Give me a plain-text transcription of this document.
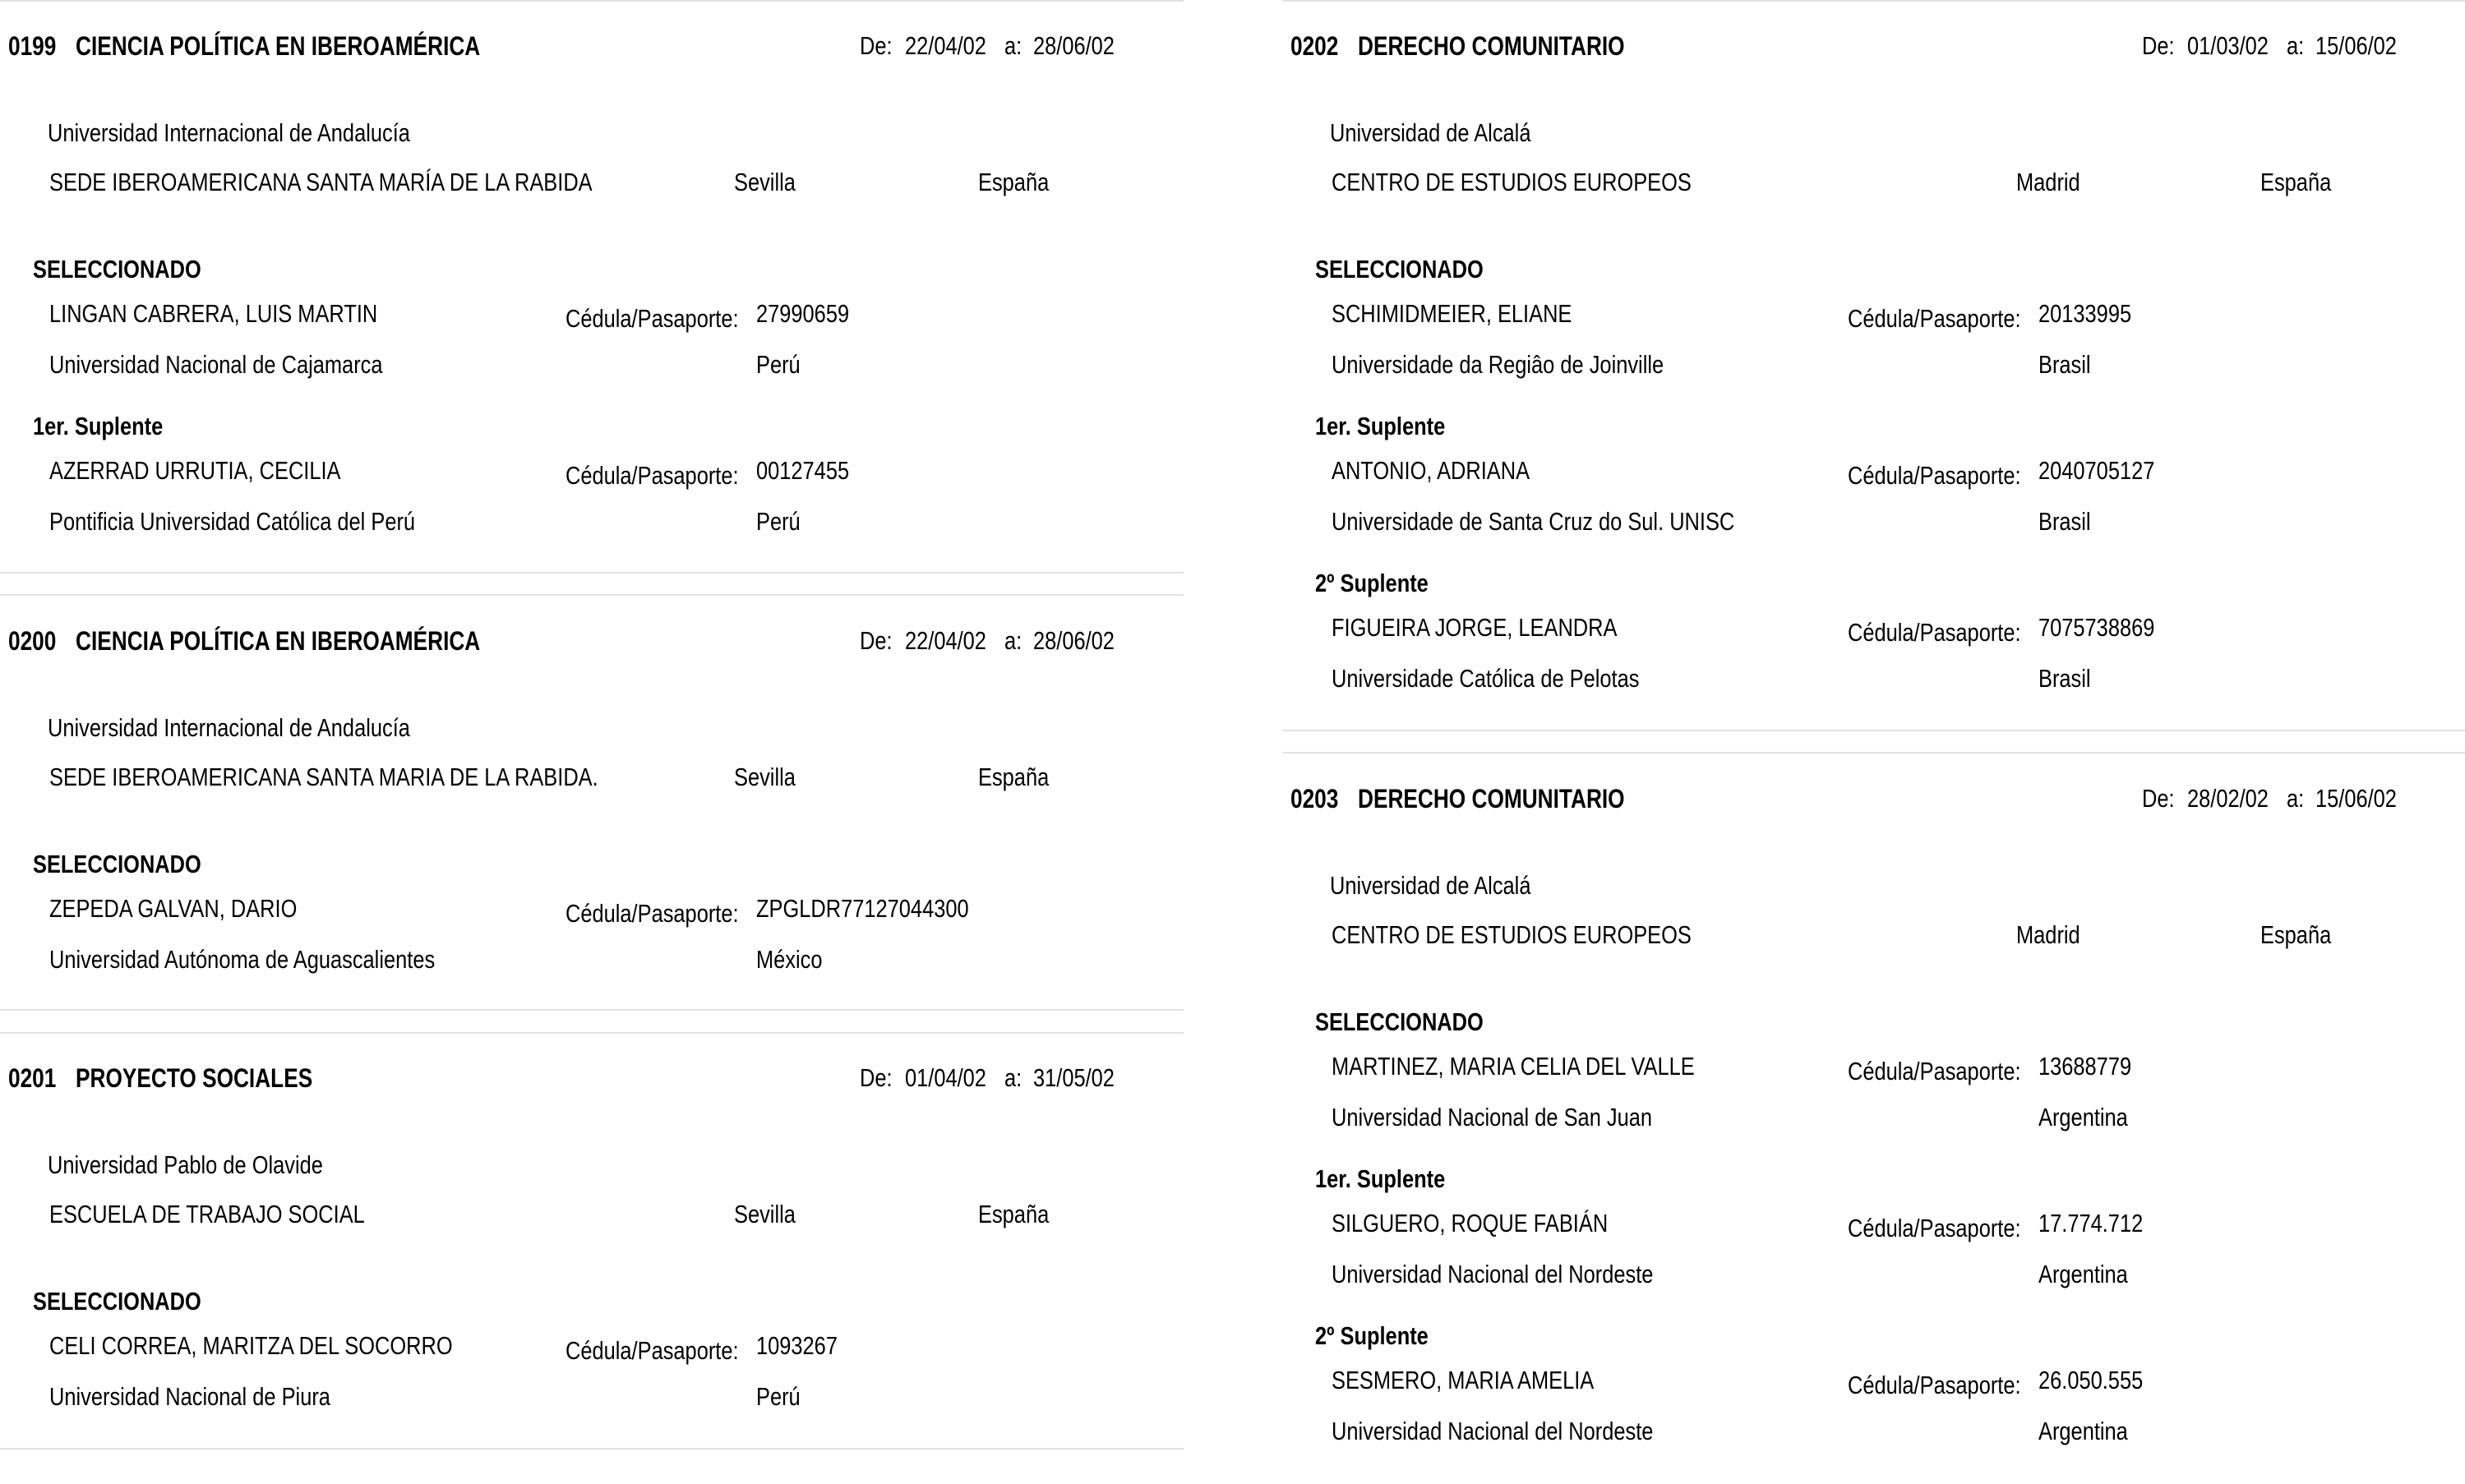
0199 CIENCIA POLÍTICA EN IBEROAMÉRICA	De: 22/04/02 a: 28/06/02
Universidad Internacional de Andalucía
SEDE IBEROAMERICANA SANTA MARÍA DE LA RABIDA	Sevilla	España
SELECCIONADO
LINGAN CABRERA, LUIS MARTIN	Cédula/Pasaporte: 27990659
Universidad Nacional de Cajamarca	Perú
1er. Suplente
AZERRAD URRUTIA, CECILIA	Cédula/Pasaporte: 00127455
Pontificia Universidad Católica del Perú	Perú
0200 CIENCIA POLÍTICA EN IBEROAMÉRICA	De: 22/04/02 a: 28/06/02
Universidad Internacional de Andalucía
SEDE IBEROAMERICANA SANTA MARIA DE LA RABIDA.	Sevilla	España
SELECCIONADO
ZEPEDA GALVAN, DARIO	Cédula/Pasaporte: ZPGLDR77127044300
Universidad Autónoma de Aguascalientes	México
0201 PROYECTO SOCIALES	De: 01/04/02 a: 31/05/02
Universidad Pablo de Olavide
ESCUELA DE TRABAJO SOCIAL	Sevilla	España
SELECCIONADO
CELI CORREA, MARITZA DEL SOCORRO	Cédula/Pasaporte: 1093267
Universidad Nacional de Piura	Perú
0202 DERECHO COMUNITARIO	De: 01/03/02 a: 15/06/02
Universidad de Alcalá
CENTRO DE ESTUDIOS EUROPEOS	Madrid	España
SELECCIONADO
SCHIMIDMEIER, ELIANE	Cédula/Pasaporte: 20133995
Universidade da Regiâo de Joinville	Brasil
1er. Suplente
ANTONIO, ADRIANA	Cédula/Pasaporte: 2040705127
Universidade de Santa Cruz do Sul. UNISC	Brasil
2º Suplente
FIGUEIRA JORGE, LEANDRA	Cédula/Pasaporte: 7075738869
Universidade Católica de Pelotas	Brasil
0203 DERECHO COMUNITARIO	De: 28/02/02 a: 15/06/02
Universidad de Alcalá
CENTRO DE ESTUDIOS EUROPEOS	Madrid	España
SELECCIONADO
MARTINEZ, MARIA CELIA DEL VALLE	Cédula/Pasaporte: 13688779
Universidad Nacional de San Juan	Argentina
1er. Suplente
SILGUERO, ROQUE FABIÁN	Cédula/Pasaporte: 17.774.712
Universidad Nacional del Nordeste	Argentina
2º Suplente
SESMERO, MARIA AMELIA	Cédula/Pasaporte: 26.050.555
Universidad Nacional del Nordeste	Argentina
